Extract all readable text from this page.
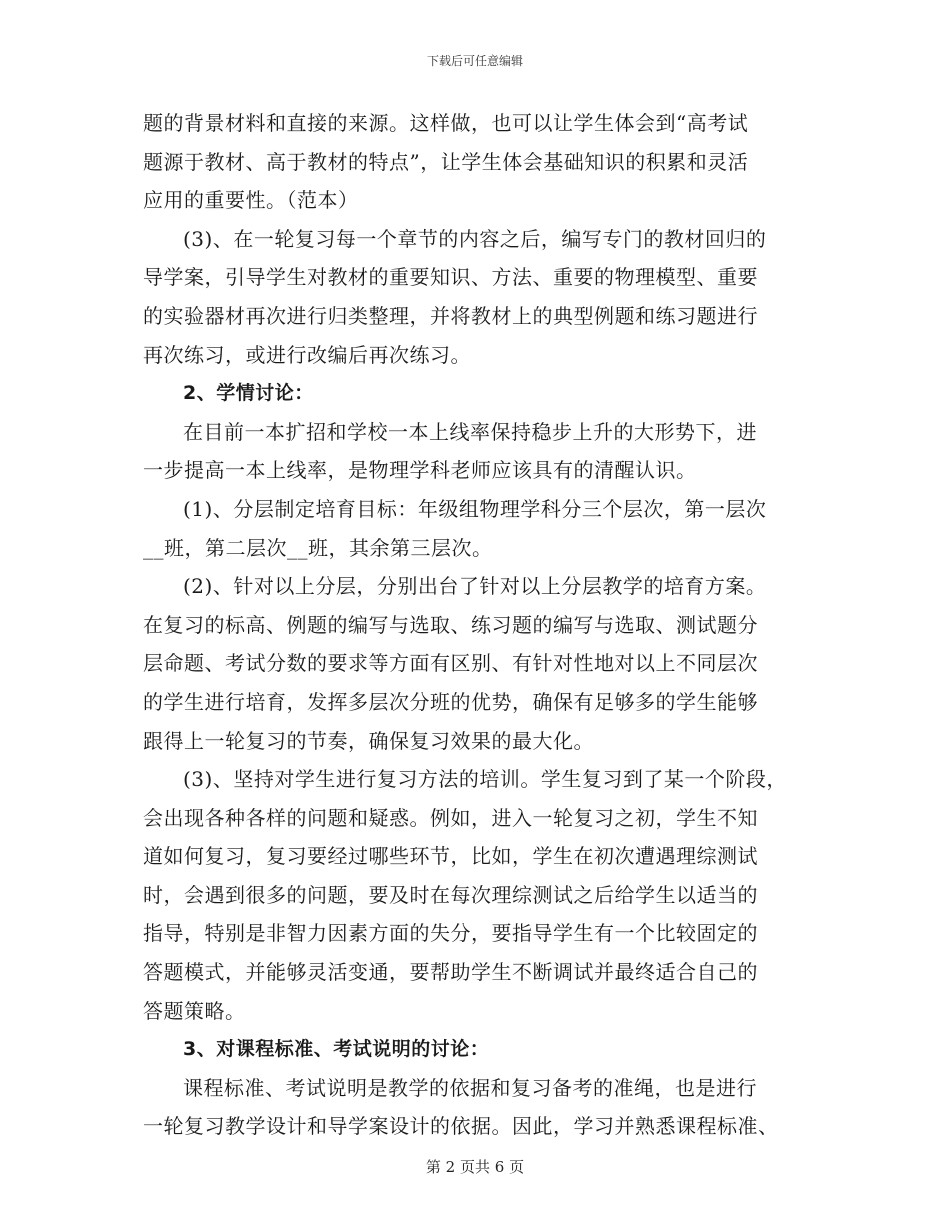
下载后可任意编辑
题的背景材料和直接的来源。这样做，也可以让学生体会到“高考试
题源于教材、高于教材的特点”，让学生体会基础知识的积累和灵活
应用的重要性。（范本）
(3)、在一轮复习每一个章节的内容之后，编写专门的教材回归的
导学案，引导学生对教材的重要知识、方法、重要的物理模型、重要
的实验器材再次进行归类整理，并将教材上的典型例题和练习题进行
再次练习，或进行改编后再次练习。
2、学情讨论：
在目前一本扩招和学校一本上线率保持稳步上升的大形势下，进
一步提高一本上线率，是物理学科老师应该具有的清醒认识。
(1)、分层制定培育目标：年级组物理学科分三个层次，第一层次
__班，第二层次__班，其余第三层次。
(2)、针对以上分层，分别出台了针对以上分层教学的培育方案。
在复习的标高、例题的编写与选取、练习题的编写与选取、测试题分
层命题、考试分数的要求等方面有区别、有针对性地对以上不同层次
的学生进行培育，发挥多层次分班的优势，确保有足够多的学生能够
跟得上一轮复习的节奏，确保复习效果的最大化。
(3)、坚持对学生进行复习方法的培训。学生复习到了某一个阶段，
会出现各种各样的问题和疑惑。例如，进入一轮复习之初，学生不知
道如何复习，复习要经过哪些环节，比如，学生在初次遭遇理综测试
时，会遇到很多的问题，要及时在每次理综测试之后给学生以适当的
指导，特别是非智力因素方面的失分，要指导学生有一个比较固定的
答题模式，并能够灵活变通，要帮助学生不断调试并最终适合自己的
答题策略。
3、对课程标准、考试说明的讨论：
课程标准、考试说明是教学的依据和复习备考的准绳，也是进行
一轮复习教学设计和导学案设计的依据。因此，学习并熟悉课程标准、
第 2 页共 6 页
